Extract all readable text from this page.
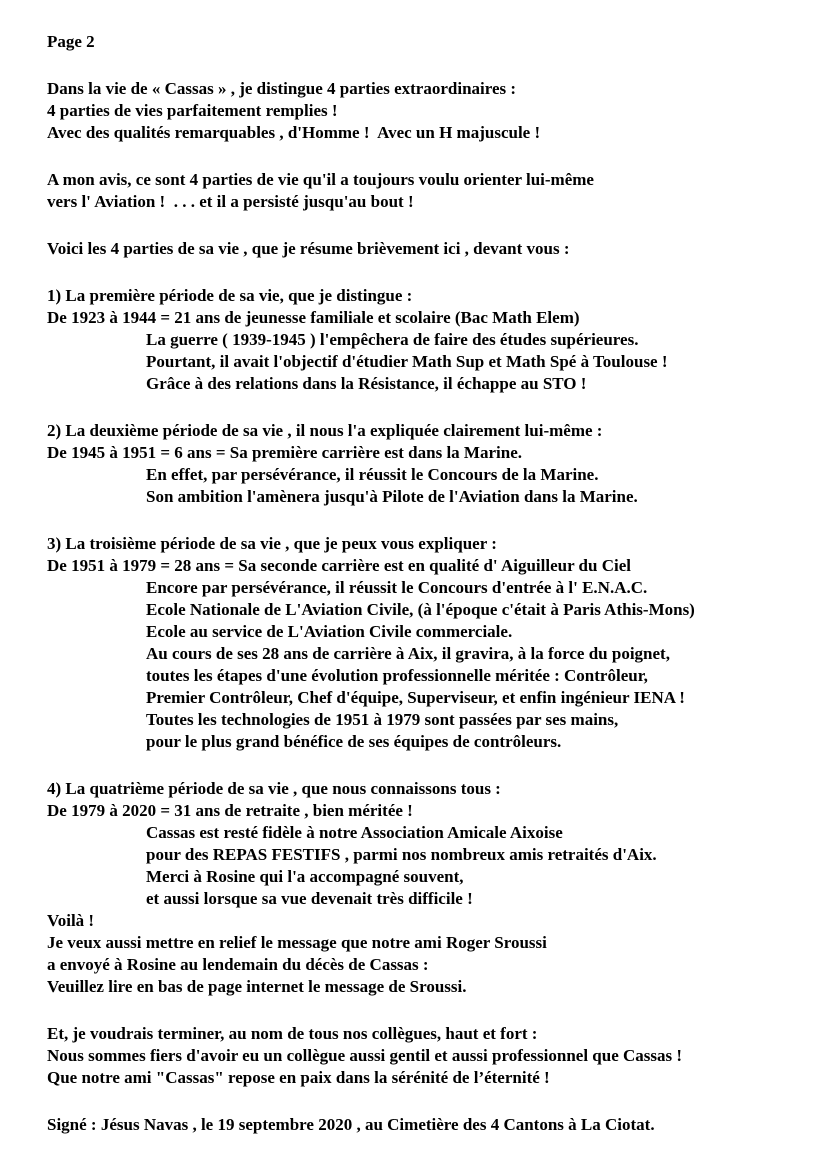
Page 2
Dans la vie de « Cassas » , je distingue 4 parties extraordinaires :
4 parties de vies parfaitement remplies !
Avec des qualités remarquables , d'Homme !  Avec un H majuscule !
A mon avis, ce sont 4 parties de vie qu'il a toujours voulu orienter lui-même
vers l' Aviation !  . . . et il a persisté jusqu'au bout !
Voici les 4 parties de sa vie , que je résume brièvement ici , devant vous :
1) La première période de sa vie, que je distingue :
De 1923 à 1944 = 21 ans de jeunesse familiale et scolaire (Bac Math Elem)
La guerre ( 1939-1945 ) l'empêchera de faire des études supérieures.
Pourtant, il avait l'objectif d'étudier Math Sup et Math Spé à Toulouse !
Grâce à des relations dans la Résistance, il échappe au STO !
2) La deuxième période de sa vie , il nous l'a expliquée clairement lui-même :
De 1945 à 1951 = 6 ans = Sa première carrière est dans la Marine.
En effet, par persévérance, il réussit le Concours de la Marine.
Son ambition l'amènera jusqu'à Pilote de l'Aviation dans la Marine.
3) La troisième période de sa vie , que je peux vous expliquer :
De 1951 à 1979 = 28 ans = Sa seconde carrière est en qualité d' Aiguilleur du Ciel
Encore par persévérance, il réussit le Concours d'entrée à l' E.N.A.C.
Ecole Nationale de L'Aviation Civile, (à l'époque c'était à Paris Athis-Mons)
Ecole au service de L'Aviation Civile commerciale.
Au cours de ses 28 ans de carrière à Aix, il gravira, à la force du poignet,
toutes les étapes d'une évolution professionnelle méritée : Contrôleur,
Premier Contrôleur, Chef d'équipe, Superviseur, et enfin ingénieur IENA !
Toutes les technologies de 1951 à 1979 sont passées par ses mains,
pour le plus grand bénéfice de ses équipes de contrôleurs.
4) La quatrième période de sa vie , que nous connaissons tous :
De 1979 à 2020 = 31 ans de retraite , bien méritée !
Cassas est resté fidèle à notre Association Amicale Aixoise
pour des REPAS FESTIFS , parmi nos nombreux amis retraités d'Aix.
Merci à Rosine qui l'a accompagné souvent,
et aussi lorsque sa vue devenait très difficile !
Voilà !
Je veux aussi mettre en relief le message que notre ami Roger Sroussi
a envoyé à Rosine au lendemain du décès de Cassas :
Veuillez lire en bas de page internet le message de Sroussi.
Et, je voudrais terminer, au nom de tous nos collègues, haut et fort :
Nous sommes fiers d'avoir eu un collègue aussi gentil et aussi professionnel que Cassas !
Que notre ami "Cassas" repose en paix dans la sérénité de l’éternité !
Signé : Jésus Navas , le 19 septembre 2020 , au Cimetière des 4 Cantons à La Ciotat.
